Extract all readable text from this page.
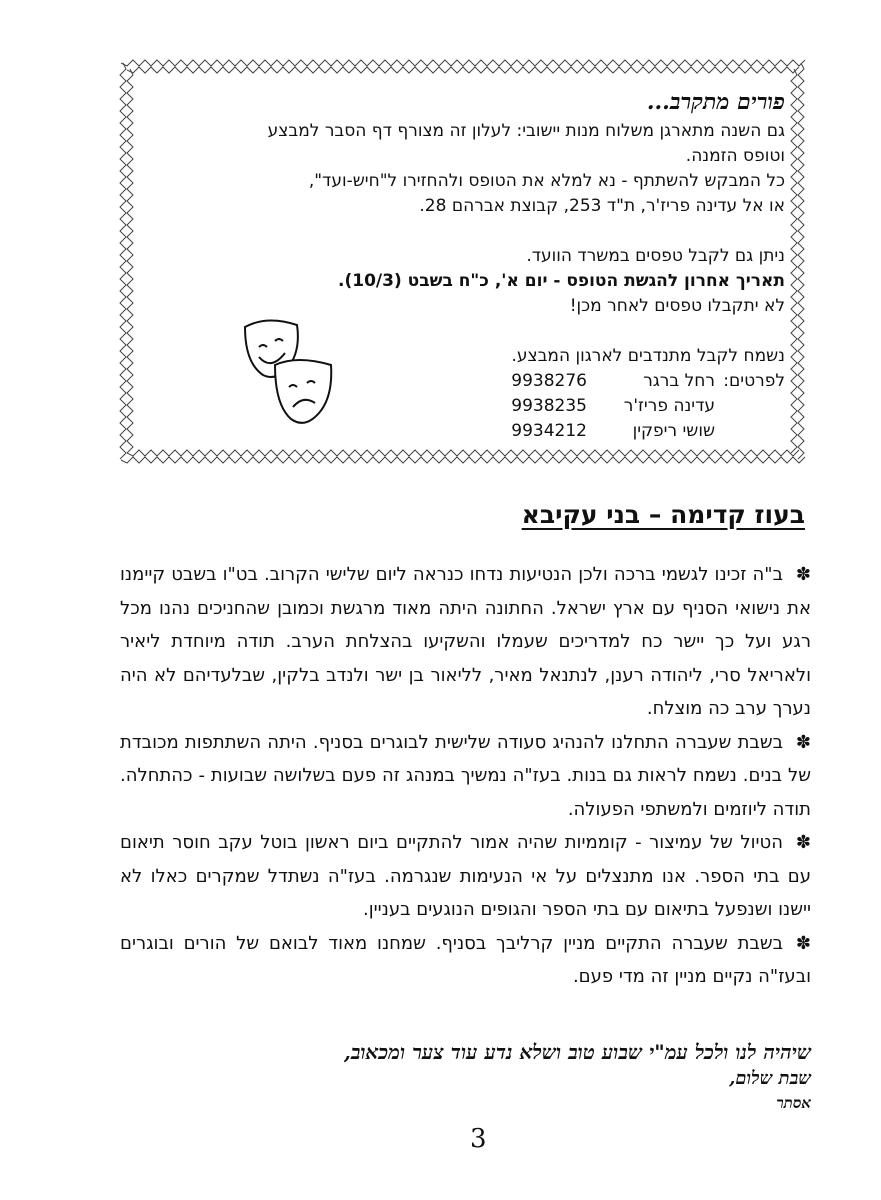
פורים מתקרב...

גם השנה מתארגן משלוח מנות יישובי: לעלון זה מצורף דף הסבר למבצע

וטופס הזמנה.

כל המבקש להשתתף - נא למלא את הטופס ולהחזירו ל"חיש-ועד",

או אל עדינה פריז'ר, ת"ד 253, קבוצת אברהם 28.

ניתן גם לקבל טפסים במשרד הוועד.

תאריך אחרון להגשת הטופס - יום א', כ"ח בשבט (10/3).

לא יתקבלו טפסים לאחר מכן!

נשמח לקבל מתנדבים לארגון המבצע.

לפרטים:
רחל ברגר
9938276
עדינה פריז'ר
9938235
שושי ריפקין
9934212
בעוז קדימה – בני עקיבא

✽ב"ה זכינו לגשמי ברכה ולכן הנטיעות נדחו כנראה ליום שלישי הקרוב. בט"ו בשבט קיימנו את נישואי הסניף עם ארץ ישראל. החתונה היתה מאוד מרגשת וכמובן שהחניכים נהנו מכל רגע ועל כך יישר כח למדריכים שעמלו והשקיעו בהצלחת הערב. תודה מיוחדת ליאיר ולאריאל סרי, ליהודה רענן, לנתנאל מאיר, לליאור בן ישר ולנדב בלקין, שבלעדיהם לא היה נערך ערב כה מוצלח.

✽בשבת שעברה התחלנו להנהיג סעודה שלישית לבוגרים בסניף. היתה השתתפות מכובדת של בנים. נשמח לראות גם בנות. בעז"ה נמשיך במנהג זה פעם בשלושה שבועות - כהתחלה. תודה ליוזמים ולמשתפי הפעולה.

✽הטיול של עמיצור - קוממיות שהיה אמור להתקיים ביום ראשון בוטל עקב חוסר תיאום עם בתי הספר. אנו מתנצלים על אי הנעימות שנגרמה. בעז"ה נשתדל שמקרים כאלו לא יישנו ושנפעל בתיאום עם בתי הספר והגופים הנוגעים בעניין.

✽בשבת שעברה התקיים מניין קרליבך בסניף. שמחנו מאוד לבואם של הורים ובוגרים ובעז"ה נקיים מניין זה מדי פעם.

שיהיה לנו ולכל עמ"י שבוע טוב ושלא נדע עוד צער ומכאוב,
שבת שלום,
אסתר
3
